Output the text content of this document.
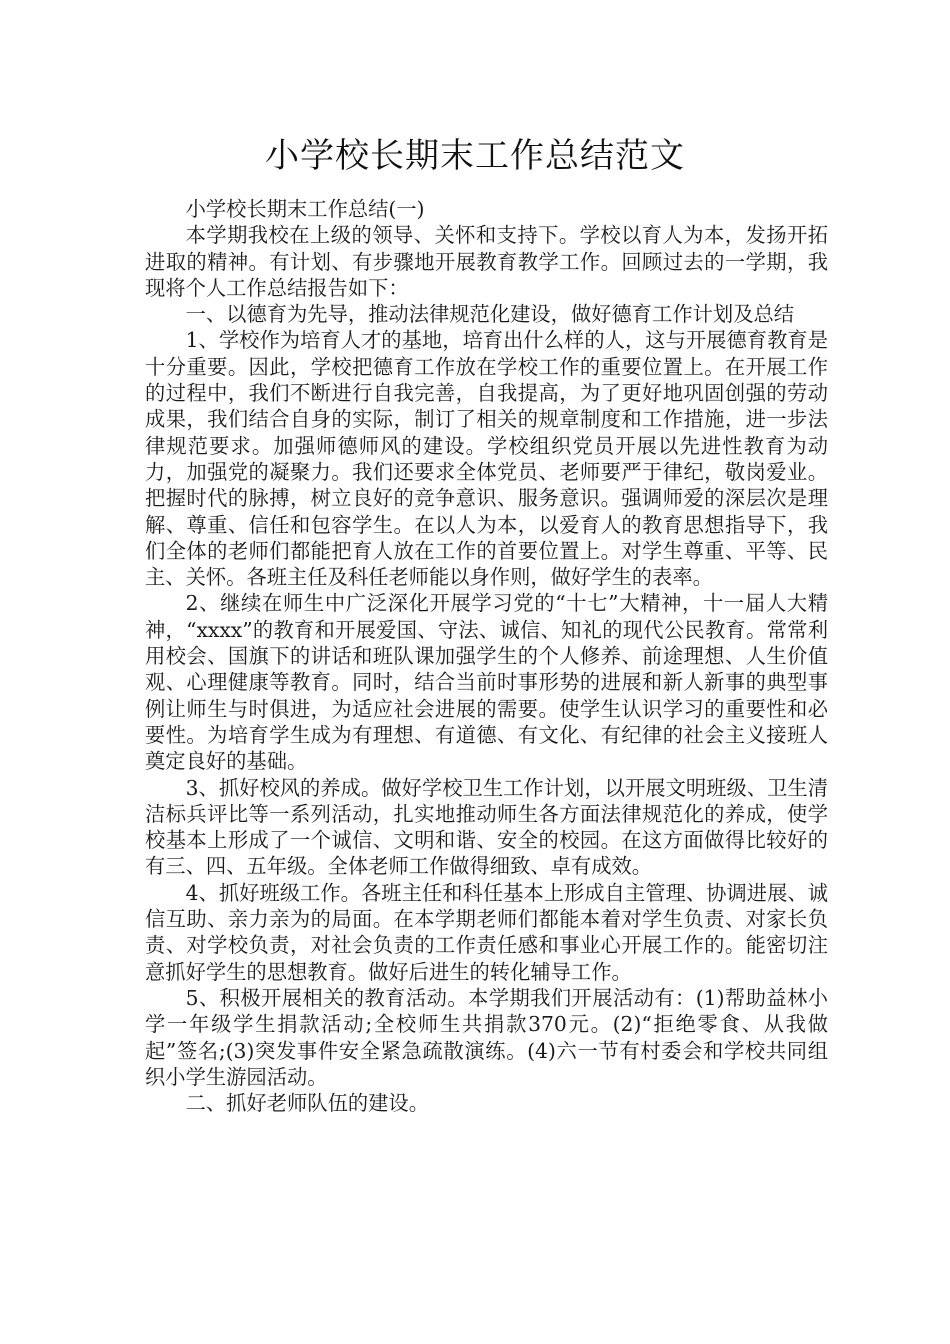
小学校长期末工作总结范文

小学校长期末工作总结(一)

本学期我校在上级的领导、关怀和支持下。学校以育人为本，发扬开拓进取的精神。有计划、有步骤地开展教育教学工作。回顾过去的一学期，我现将个人工作总结报告如下：

一、以德育为先导，推动法律规范化建设，做好德育工作计划及总结

1、学校作为培育人才的基地，培育出什么样的人，这与开展德育教育是十分重要。因此，学校把德育工作放在学校工作的重要位置上。在开展工作的过程中，我们不断进行自我完善，自我提高，为了更好地巩固创强的劳动成果，我们结合自身的实际，制订了相关的规章制度和工作措施，进一步法律规范要求。加强师德师风的建设。学校组织党员开展以先进性教育为动力，加强党的凝聚力。我们还要求全体党员、老师要严于律纪，敬岗爱业。把握时代的脉搏，树立良好的竞争意识、服务意识。强调师爱的深层次是理解、尊重、信任和包容学生。在以人为本，以爱育人的教育思想指导下，我们全体的老师们都能把育人放在工作的首要位置上。对学生尊重、平等、民主、关怀。各班主任及科任老师能以身作则，做好学生的表率。

2、继续在师生中广泛深化开展学习党的“十七”大精神，十一届人大精神，“xxxx”的教育和开展爱国、守法、诚信、知礼的现代公民教育。常常利用校会、国旗下的讲话和班队课加强学生的个人修养、前途理想、人生价值观、心理健康等教育。同时，结合当前时事形势的进展和新人新事的典型事例让师生与时俱进，为适应社会进展的需要。使学生认识学习的重要性和必要性。为培育学生成为有理想、有道德、有文化、有纪律的社会主义接班人奠定良好的基础。

3、抓好校风的养成。做好学校卫生工作计划，以开展文明班级、卫生清洁标兵评比等一系列活动，扎实地推动师生各方面法律规范化的养成，使学校基本上形成了一个诚信、文明和谐、安全的校园。在这方面做得比较好的有三、四、五年级。全体老师工作做得细致、卓有成效。

4、抓好班级工作。各班主任和科任基本上形成自主管理、协调进展、诚信互助、亲力亲为的局面。在本学期老师们都能本着对学生负责、对家长负责、对学校负责，对社会负责的工作责任感和事业心开展工作的。能密切注意抓好学生的思想教育。做好后进生的转化辅导工作。

5、积极开展相关的教育活动。本学期我们开展活动有：(1)帮助益林小学一年级学生捐款活动;全校师生共捐款370元。(2)“拒绝零食、从我做起”签名;(3)突发事件安全紧急疏散演练。(4)六一节有村委会和学校共同组织小学生游园活动。

二、抓好老师队伍的建设。
